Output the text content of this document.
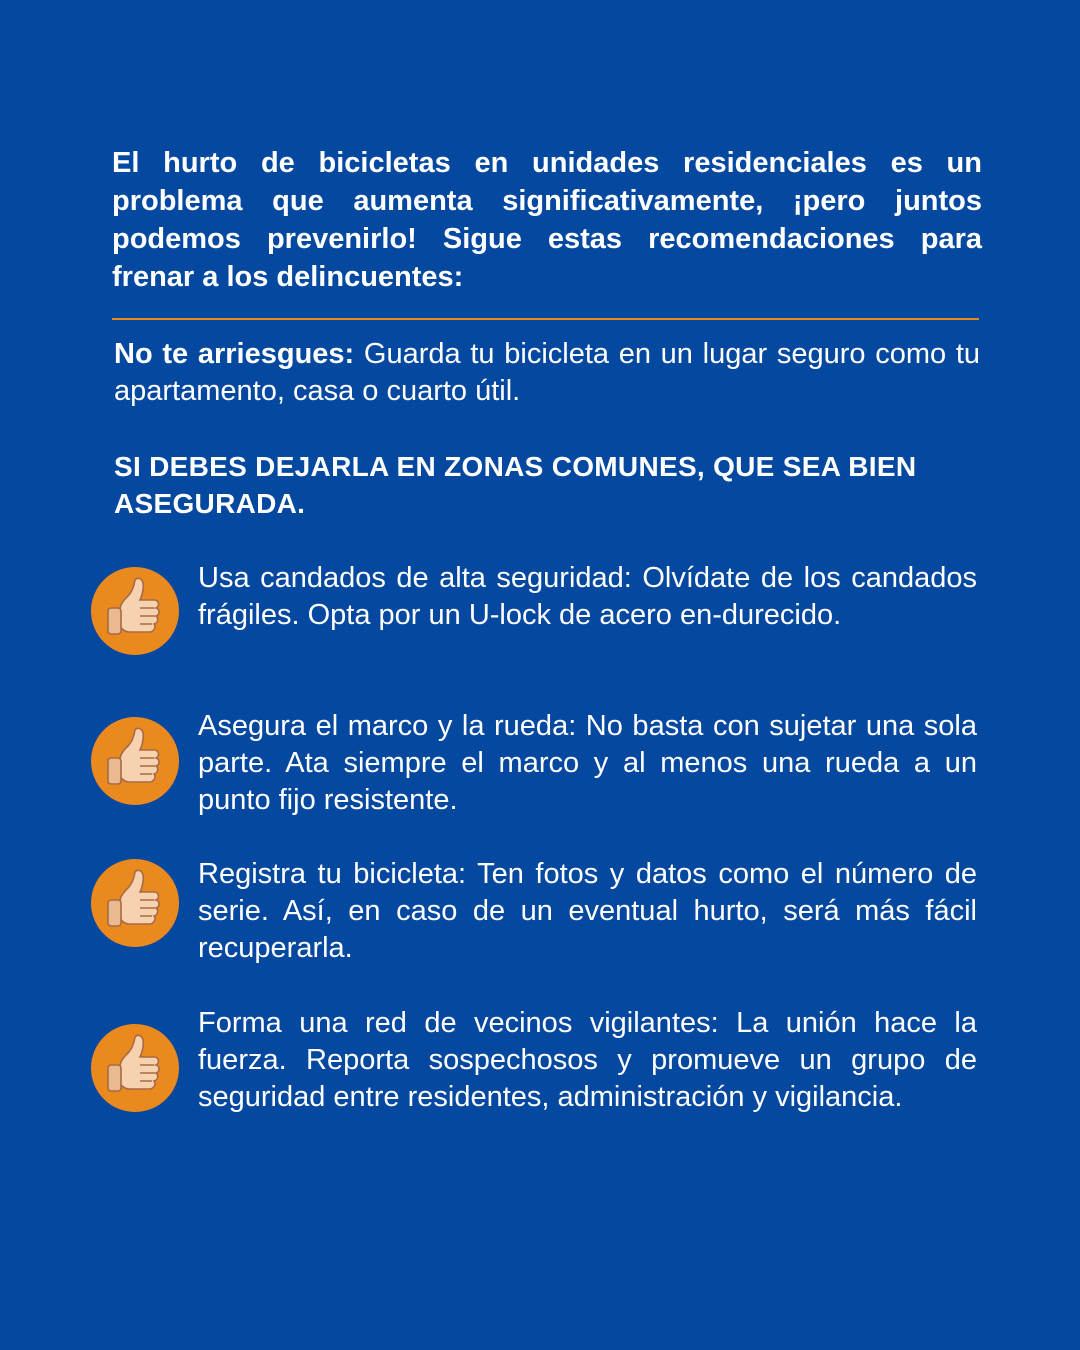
El hurto de bicicletas en unidades residenciales es un problema que aumenta significativamente, ¡pero juntos podemos prevenirlo! Sigue estas recomendaciones para frenar a los delincuentes:

No te arriesgues: Guarda tu bicicleta en un lugar seguro como tu apartamento, casa o cuarto útil.

SI DEBES DEJARLA EN ZONAS COMUNES, QUE SEA BIEN ASEGURADA.

Usa candados de alta seguridad: Olvídate de los candados frágiles. Opta por un U-lock de acero en-durecido.

Asegura el marco y la rueda: No basta con sujetar una sola parte. Ata siempre el marco y al menos una rueda a un punto fijo resistente.

Registra tu bicicleta: Ten fotos y datos como el número de serie. Así, en caso de un eventual hurto, será más fácil recuperarla.

Forma una red de vecinos vigilantes: La unión hace la fuerza. Reporta sospechosos y promueve un grupo de seguridad entre residentes, administración y vigilancia.
